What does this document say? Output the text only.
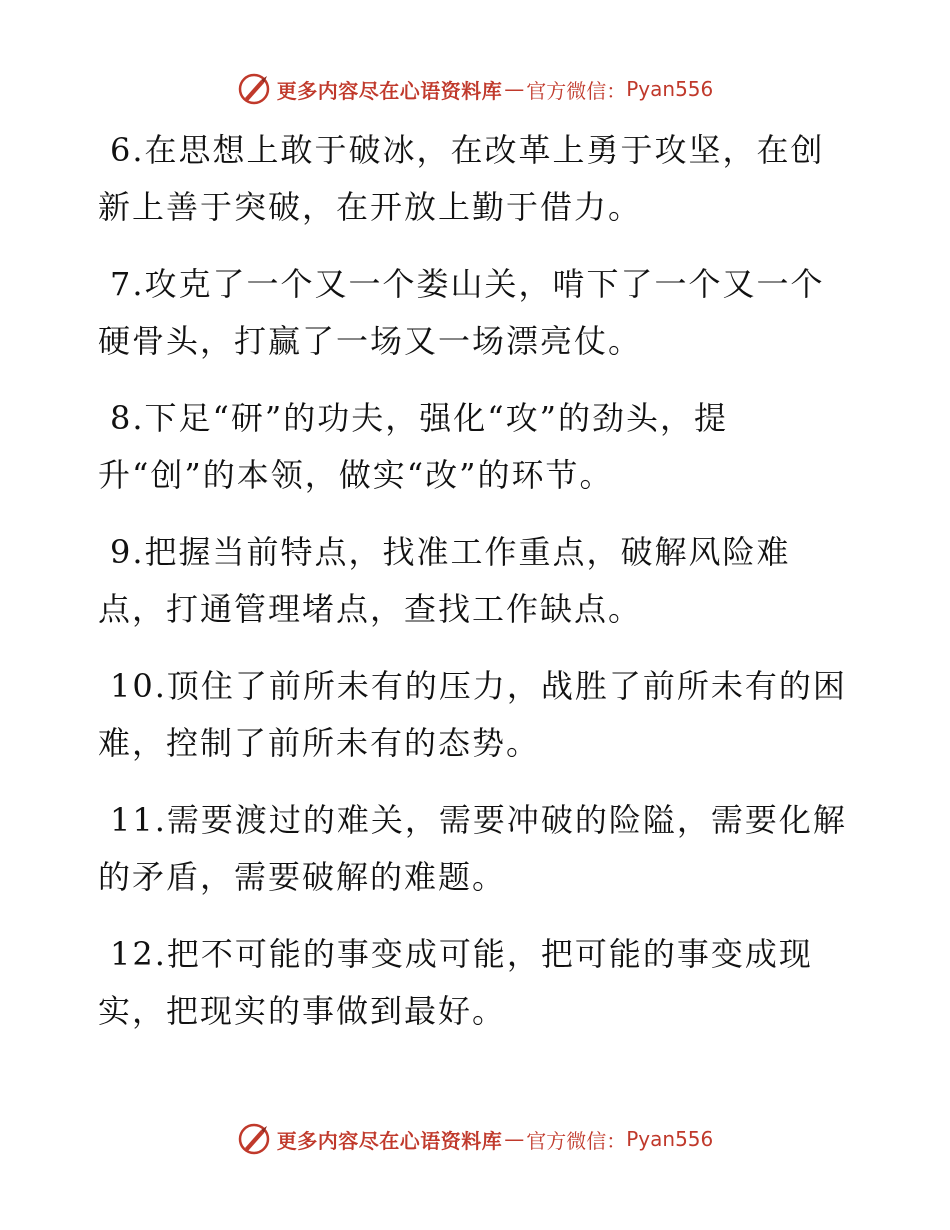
更多内容尽在心语资料库 — 官方微信： Pyan556

6.在思想上敢于破冰，在改革上勇于攻坚，在创新上善于突破，在开放上勤于借力。

7.攻克了一个又一个娄山关，啃下了一个又一个硬骨头，打赢了一场又一场漂亮仗。

8.下足“研”的功夫，强化“攻”的劲头，提升“创”的本领，做实“改”的环节。

9.把握当前特点，找准工作重点，破解风险难点，打通管理堵点，查找工作缺点。

10.顶住了前所未有的压力，战胜了前所未有的困难，控制了前所未有的态势。

11.需要渡过的难关，需要冲破的险隘，需要化解的矛盾，需要破解的难题。

12.把不可能的事变成可能，把可能的事变成现实，把现实的事做到最好。

更多内容尽在心语资料库 — 官方微信： Pyan556
